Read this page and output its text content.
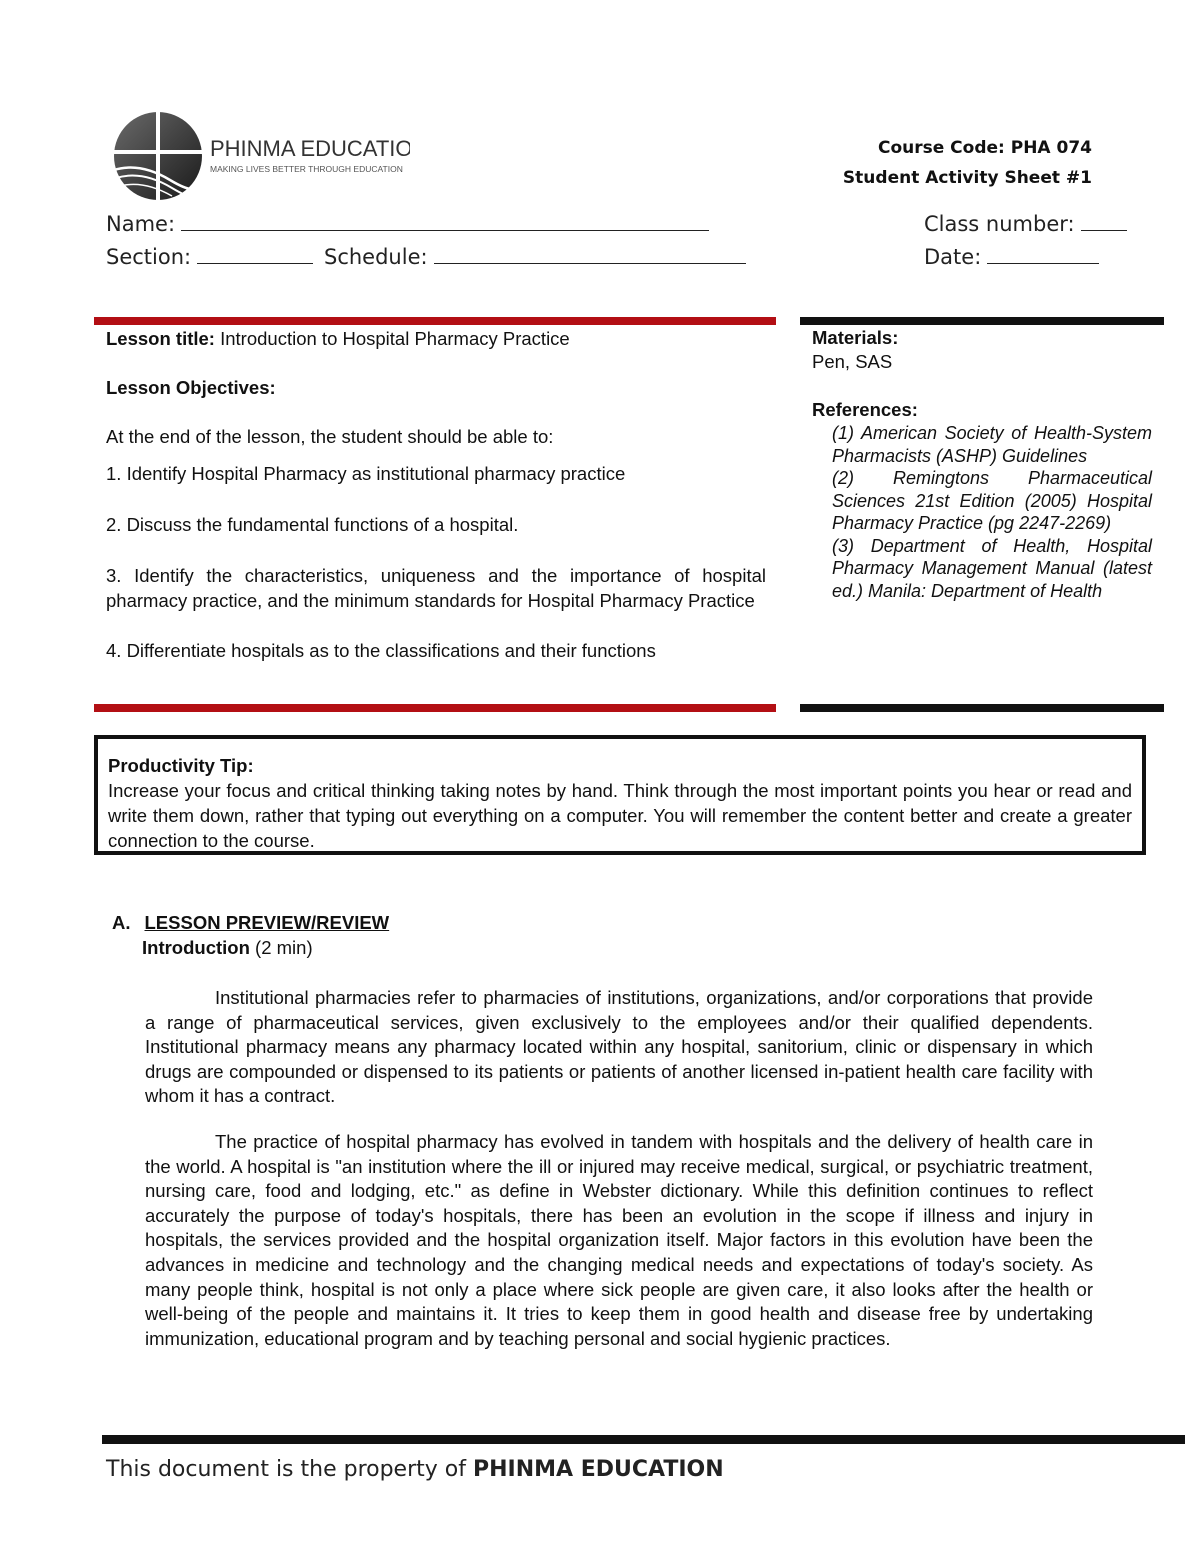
PHINMA EDUCATION
MAKING LIVES BETTER THROUGH EDUCATION
Course Code: PHA 074
Student Activity Sheet #1
Name:
Section:	Schedule:
Class number:
Date:

Lesson title: Introduction to Hospital Pharmacy Practice

Lesson Objectives:

At the end of the lesson, the student should be able to:

1. Identify Hospital Pharmacy as institutional pharmacy practice

2. Discuss the fundamental functions of a hospital.

3. Identify the characteristics, uniqueness and the importance of hospital pharmacy practice, and the minimum standards for Hospital Pharmacy Practice

4. Differentiate hospitals as to the classifications and their functions

Materials:
Pen, SAS
References:
(1) American Society of Health-System Pharmacists (ASHP) Guidelines
(2) Remingtons Pharmaceutical Sciences 21st Edition (2005) Hospital Pharmacy Practice (pg 2247-2269)
(3) Department of Health, Hospital Pharmacy Management Manual (latest ed.) Manila: Department of Health
Productivity Tip:
Increase your focus and critical thinking taking notes by hand. Think through the most important points you hear or read and write them down, rather that typing out everything on a computer. You will remember the content better and create a greater connection to the course.
A. LESSON PREVIEW/REVIEW
Introduction (2 min)

Institutional pharmacies refer to pharmacies of institutions, organizations, and/or corporations that provide a range of pharmaceutical services, given exclusively to the employees and/or their qualified dependents. Institutional pharmacy means any pharmacy located within any hospital, sanitorium, clinic or dispensary in which drugs are compounded or dispensed to its patients or patients of another licensed in-patient health care facility with whom it has a contract.

The practice of hospital pharmacy has evolved in tandem with hospitals and the delivery of health care in the world. A hospital is "an institution where the ill or injured may receive medical, surgical, or psychiatric treatment, nursing care, food and lodging, etc." as define in Webster dictionary. While this definition continues to reflect accurately the purpose of today's hospitals, there has been an evolution in the scope if illness and injury in hospitals, the services provided and the hospital organization itself. Major factors in this evolution have been the advances in medicine and technology and the changing medical needs and expectations of today's society. As many people think, hospital is not only a place where sick people are given care, it also looks after the health or well-being of the people and maintains it. It tries to keep them in good health and disease free by undertaking immunization, educational program and by teaching personal and social hygienic practices.

This document is the property of PHINMA EDUCATION
